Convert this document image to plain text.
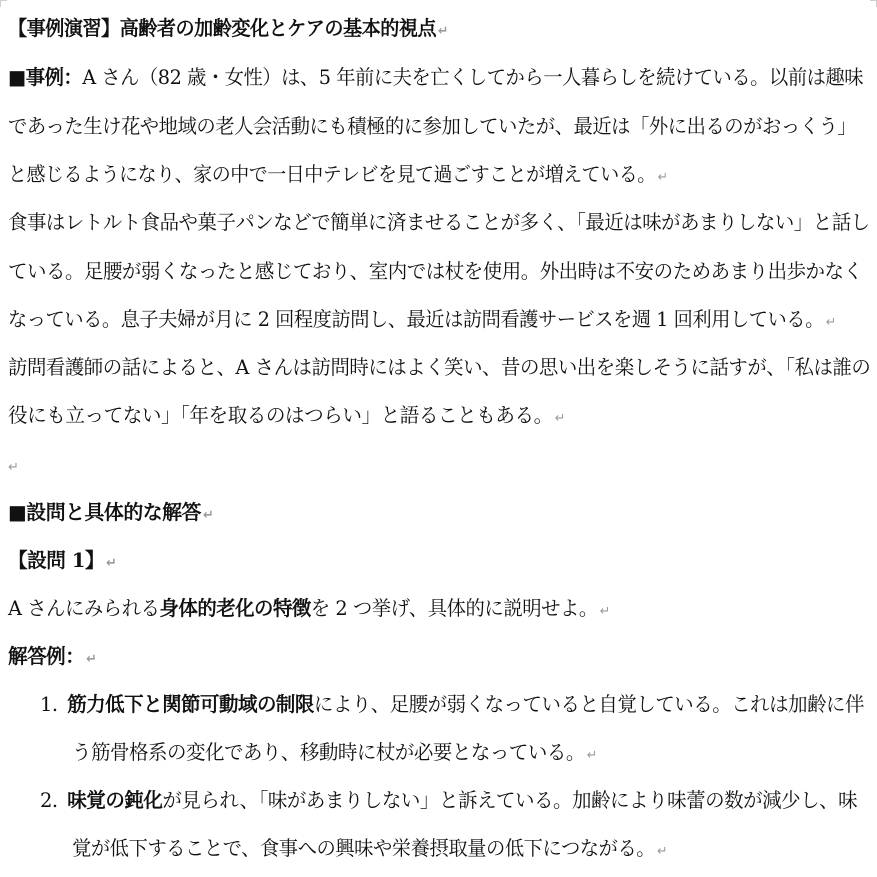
【事例演習】高齢者の加齢変化とケアの基本的視点 ↵
■事例：A さん（82 歳・女性）は、5 年前に夫を亡くしてから一人暮らしを続けている。以前は趣味
であった生け花や地域の老人会活動にも積極的に参加していたが、最近は「外に出るのがおっくう」
と感じるようになり、家の中で一日中テレビを見て過ごすことが増えている。 ↵
食事はレトルト食品や菓子パンなどで簡単に済ませることが多く、「最近は味があまりしない」と話し
ている。足腰が弱くなったと感じており、室内では杖を使用。外出時は不安のためあまり出歩かなく
なっている。息子夫婦が月に 2 回程度訪問し、最近は訪問看護サービスを週 1 回利用している。 ↵
訪問看護師の話によると、A さんは訪問時にはよく笑い、昔の思い出を楽しそうに話すが、「私は誰の
役にも立ってない」「年を取るのはつらい」と語ることもある。 ↵
↵
■設問と具体的な解答 ↵
【設問 1】 ↵
A さんにみられる身体的老化の特徴を 2 つ挙げ、具体的に説明せよ。 ↵
解答例： ↵
1. 筋力低下と関節可動域の制限により、足腰が弱くなっていると自覚している。これは加齢に伴
う筋骨格系の変化であり、移動時に杖が必要となっている。 ↵
2. 味覚の鈍化が見られ、「味があまりしない」と訴えている。加齢により味蕾の数が減少し、味
覚が低下することで、食事への興味や栄養摂取量の低下につながる。 ↵
